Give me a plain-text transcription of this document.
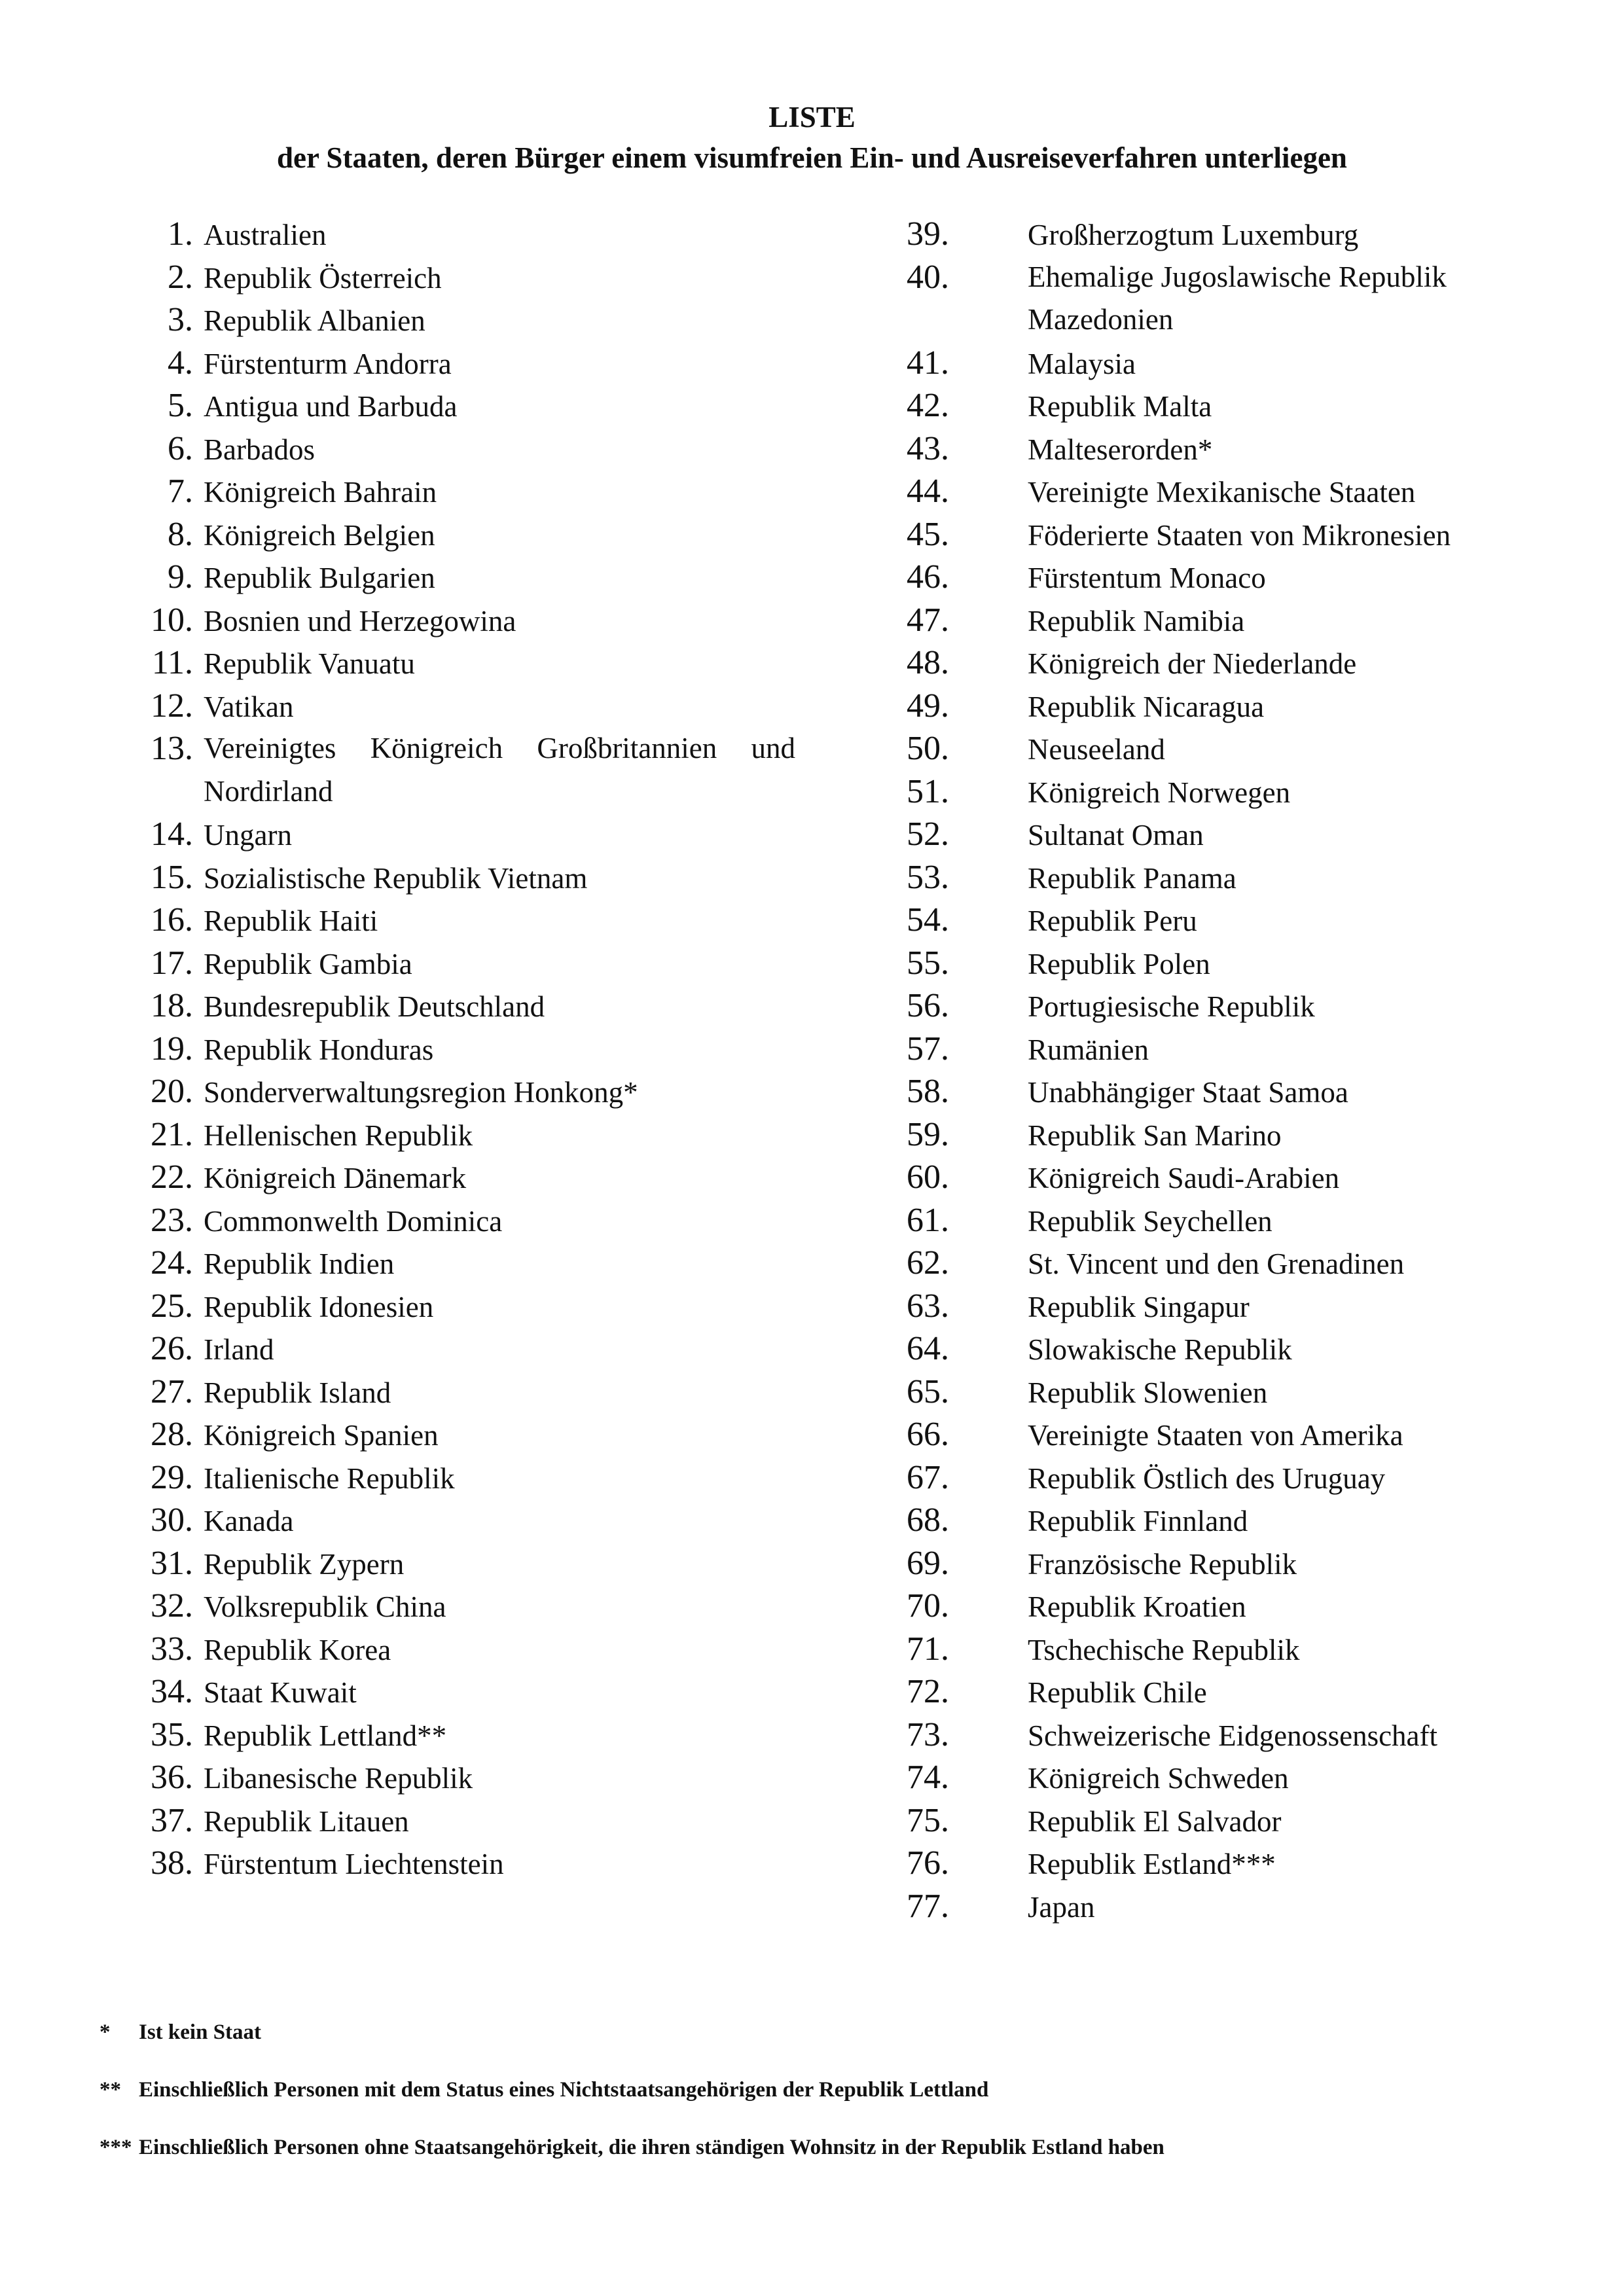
LISTE
der Staaten, deren Bürger einem visumfreien Ein- und Ausreiseverfahren unterliegen
1. Australien
2. Republik Österreich
3. Republik Albanien
4. Fürstenturm Andorra
5. Antigua und Barbuda
6. Barbados
7. Königreich Bahrain
8. Königreich Belgien
9. Republik Bulgarien
10. Bosnien und Herzegowina
11. Republik Vanuatu
12. Vatikan
13. Vereinigtes Königreich Großbritannien und Nordirland
14. Ungarn
15. Sozialistische Republik Vietnam
16. Republik Haiti
17. Republik Gambia
18. Bundesrepublik Deutschland
19. Republik Honduras
20. Sonderverwaltungsregion Honkong*
21. Hellenischen Republik
22. Königreich Dänemark
23. Commonwelth Dominica
24. Republik Indien
25. Republik Idonesien
26. Irland
27. Republik Island
28. Königreich Spanien
29. Italienische Republik
30. Kanada
31. Republik Zypern
32. Volksrepublik China
33. Republik Korea
34. Staat Kuwait
35. Republik Lettland**
36. Libanesische Republik
37. Republik Litauen
38. Fürstentum Liechtenstein
39.	Großherzogtum Luxemburg
40.	Ehemalige Jugoslawische Republik Mazedonien
41.	Malaysia
42.	Republik Malta
43.	Malteserorden*
44.	Vereinigte Mexikanische Staaten
45.	Föderierte Staaten von Mikronesien
46.	Fürstentum Monaco
47.	Republik Namibia
48.	Königreich der Niederlande
49.	Republik Nicaragua
50.	Neuseeland
51.	Königreich Norwegen
52.	Sultanat Oman
53.	Republik Panama
54.	Republik Peru
55.	Republik Polen
56.	Portugiesische Republik
57.	Rumänien
58.	Unabhängiger Staat Samoa
59.	Republik San Marino
60.	Königreich Saudi-Arabien
61.	Republik Seychellen
62.	St. Vincent und den Grenadinen
63.	Republik Singapur
64.	Slowakische Republik
65.	Republik Slowenien
66.	Vereinigte Staaten von Amerika
67.	Republik Östlich des Uruguay
68.	Republik Finnland
69.	Französische Republik
70.	Republik Kroatien
71.	Tschechische Republik
72.	Republik Chile
73.	Schweizerische Eidgenossenschaft
74.	Königreich Schweden
75.	Republik El Salvador
76.	Republik Estland***
77.	Japan
*	Ist kein Staat
** Einschließlich Personen mit dem Status eines Nichtstaatsangehörigen der Republik Lettland
*** Einschließlich Personen ohne Staatsangehörigkeit, die ihren ständigen Wohnsitz in der Republik Estland haben
